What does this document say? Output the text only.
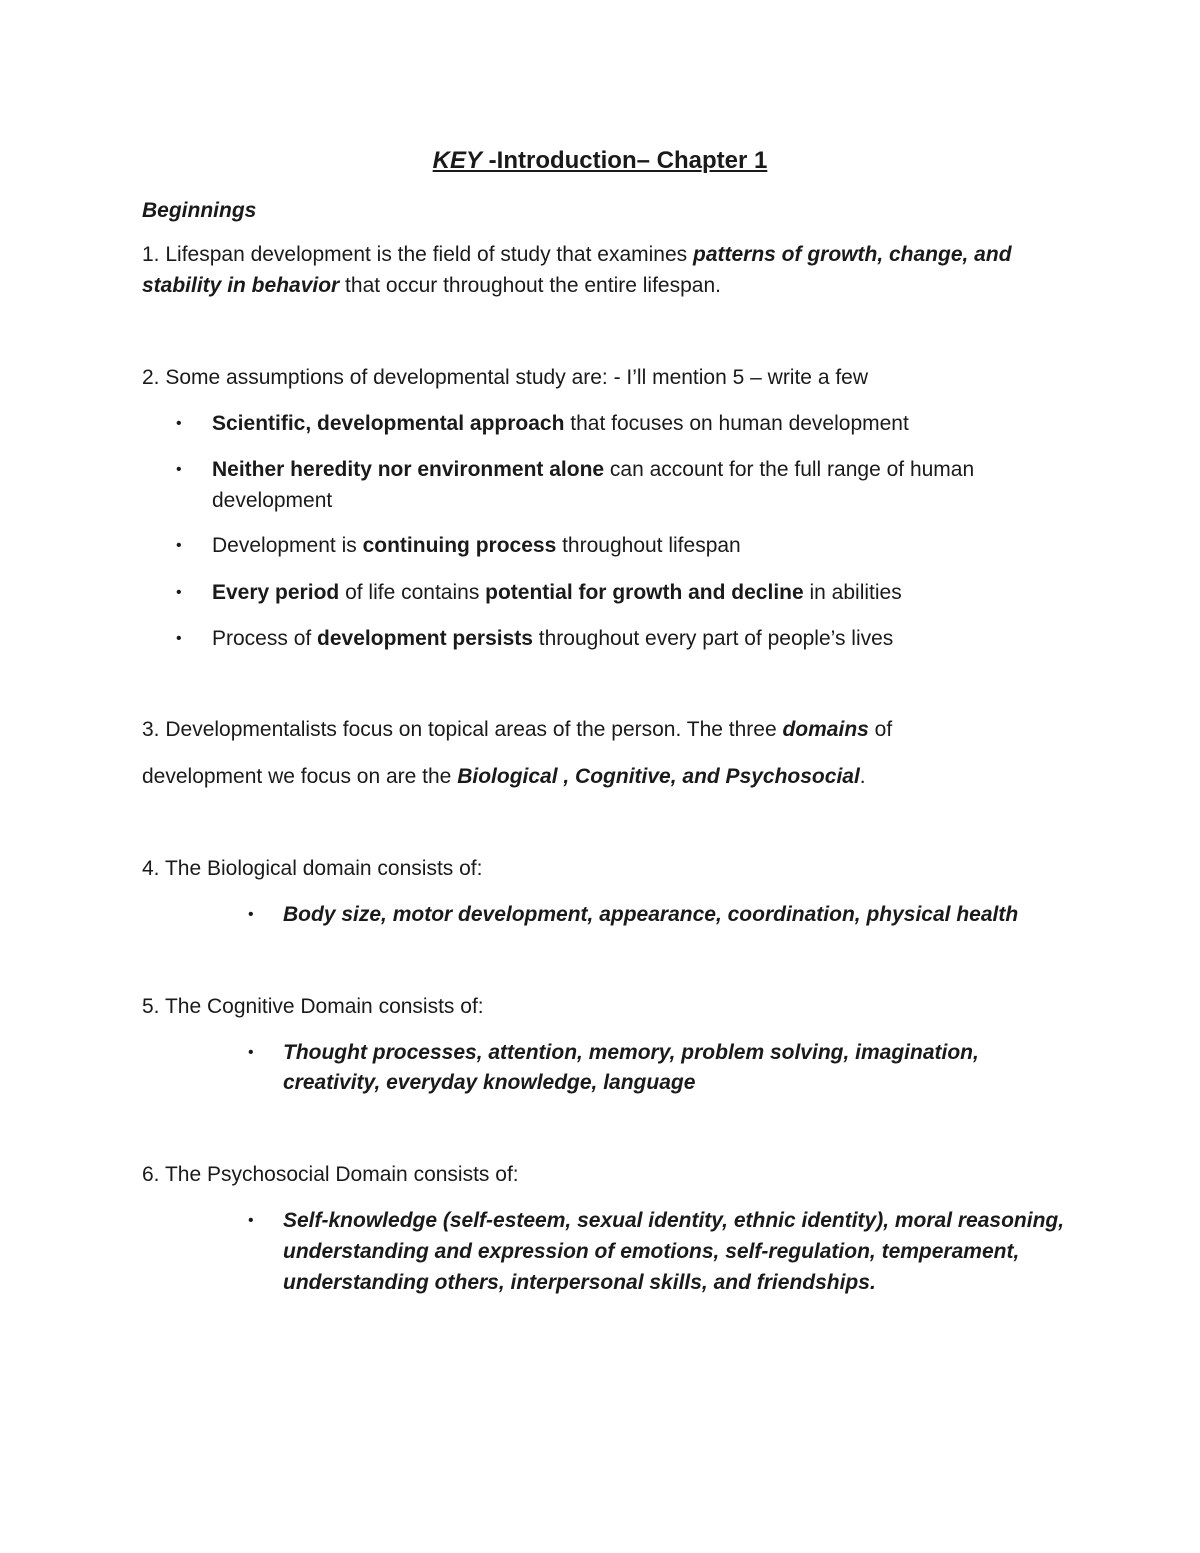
KEY -Introduction– Chapter 1
Beginnings
1. Lifespan development is the field of study that examines patterns of growth, change, and
stability in behavior that occur throughout the entire lifespan.
2. Some assumptions of developmental study are: - I’ll mention 5 – write a few
• Scientific, developmental approach that focuses on human development
• Neither heredity nor environment alone can account for the full range of human
development
• Development is continuing process throughout lifespan
• Every period of life contains potential for growth and decline in abilities
• Process of development persists throughout every part of people’s lives
3. Developmentalists focus on topical areas of the person. The three domains of
development we focus on are the Biological , Cognitive, and Psychosocial.
4. The Biological domain consists of:
• Body size, motor development, appearance, coordination, physical health
5. The Cognitive Domain consists of:
• Thought processes, attention, memory, problem solving, imagination,
creativity, everyday knowledge, language
6. The Psychosocial Domain consists of:
• Self-knowledge (self-esteem, sexual identity, ethnic identity), moral reasoning,
understanding and expression of emotions, self-regulation, temperament,
understanding others, interpersonal skills, and friendships.
